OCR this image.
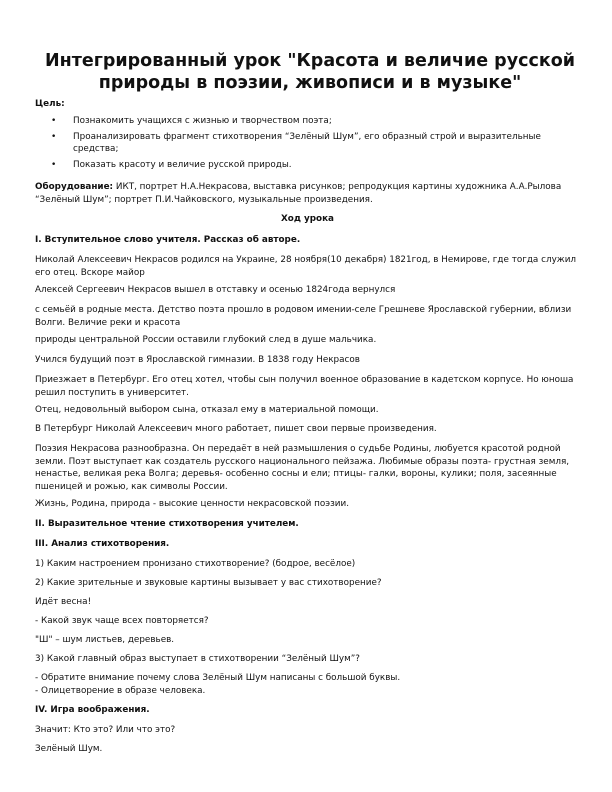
Интегрированный урок "Красота и величие русской
природы в поэзии, живописи и в музыке"

Цель:

• Познакомить учащихся с жизнью и творчеством поэта;
• Проанализировать фрагмент стихотворения “Зелёный Шум”, его образный строй и выразительные средства;
• Показать красоту и величие русской природы.

Оборудование: ИКТ, портрет Н.А.Некрасова, выставка рисунков; репродукция картины художника А.А.Рылова “Зелёный Шум”; портрет П.И.Чайковского, музыкальные произведения.

Ход урока

I. Вступительное слово учителя. Рассказ об авторе.

Николай Алексеевич Некрасов родился на Украине, 28 ноября(10 декабря) 1821год, в Немирове, где тогда служил его отец. Вскоре майор

Алексей Сергеевич Некрасов вышел в отставку и осенью 1824года вернулся

с семьёй в родные места. Детство поэта прошло в родовом имении-селе Грешневе Ярославской губернии, вблизи Волги. Величие реки и красота

природы центральной России оставили глубокий след в душе мальчика.

Учился будущий поэт в Ярославской гимназии. В 1838 году Некрасов

Приезжает в Петербург. Его отец хотел, чтобы сын получил военное образование в кадетском корпусе. Но юноша решил поступить в университет.

Отец, недовольный выбором сына, отказал ему в материальной помощи.

В Петербург Николай Алексеевич много работает, пишет свои первые произведения.

Поэзия Некрасова разнообразна. Он передаёт в ней размышления о судьбе Родины, любуется красотой родной земли. Поэт выступает как создатель русского национального пейзажа. Любимые образы поэта- грустная земля, ненастье, великая река Волга; деревья- особенно сосны и ели; птицы- галки, вороны, кулики; поля, засеянные пшеницей и рожью, как символы России.

Жизнь, Родина, природа - высокие ценности некрасовской поэзии.

II. Выразительное чтение стихотворения учителем.

III. Анализ стихотворения.

1) Каким настроением пронизано стихотворение? (бодрое, весёлое)

2) Какие зрительные и звуковые картины вызывает у вас стихотворение?

Идёт весна!

- Какой звук чаще всех повторяется?

"Ш" – шум листьев, деревьев.

3) Какой главный образ выступает в стихотворении “Зелёный Шум”?

- Обратите внимание почему слова Зелёный Шум написаны с большой буквы.

- Олицетворение в образе человека.

IV. Игра воображения.

Значит: Кто это? Или что это?

Зелёный Шум.
